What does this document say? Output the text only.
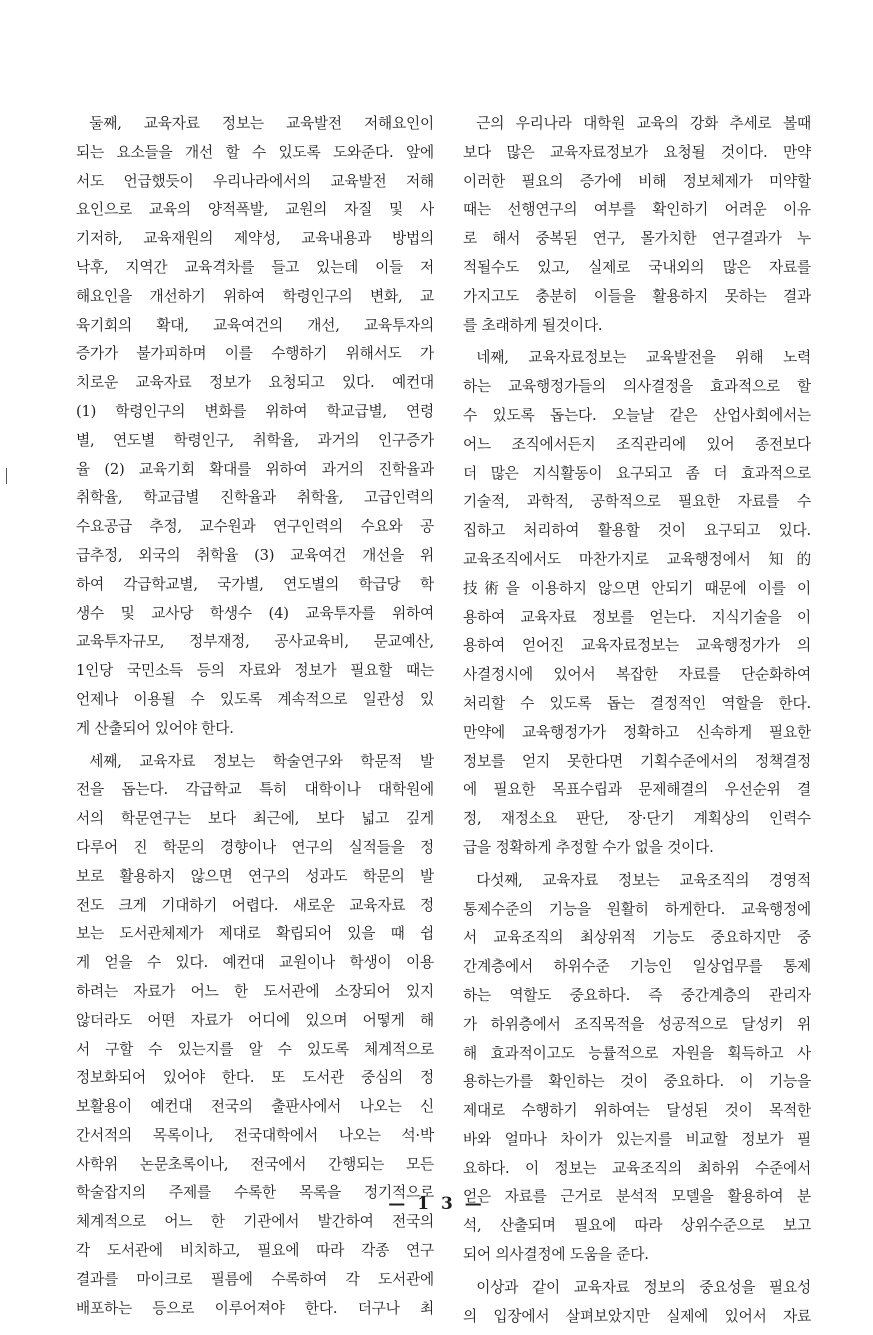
둘째, 교육자료 정보는 교육발전 저해요인이
되는 요소들을 개선 할 수 있도록 도와준다. 앞에
서도 언급했듯이 우리나라에서의 교육발전 저해
요인으로 교육의 양적폭발, 교원의 자질 및 사
기저하, 교육재원의 제약성, 교육내용과 방법의
낙후, 지역간 교육격차를 들고 있는데 이들 저
해요인을 개선하기 위하여 학령인구의 변화, 교
육기회의 확대, 교육여건의 개선, 교육투자의
증가가 불가피하며 이를 수행하기 위해서도 가
치로운 교육자료 정보가 요청되고 있다. 예컨대
(1) 학령인구의 변화를 위하여 학교급별, 연령
별, 연도별 학령인구, 취학율, 과거의 인구증가
율 (2) 교육기회 확대를 위하여 과거의 진학율과
취학율, 학교급별 진학율과 취학율, 고급인력의
수요공급 추정, 교수원과 연구인력의 수요와 공
급추정, 외국의 취학율 (3) 교육여건 개선을 위
하여 각급학교별, 국가별, 연도별의 학급당 학
생수 및 교사당 학생수 (4) 교육투자를 위하여
교육투자규모, 정부재정, 공사교육비, 문교예산,
1인당 국민소득 등의 자료와 정보가 필요할 때는
언제나 이용될 수 있도록 계속적으로 일관성 있
게 산출되어 있어야 한다.
세째, 교육자료 정보는 학술연구와 학문적 발
전을 돕는다. 각급학교 특히 대학이나 대학원에
서의 학문연구는 보다 최근에, 보다 넓고 깊게
다루어 진 학문의 경향이나 연구의 실적들을 정
보로 활용하지 않으면 연구의 성과도 학문의 발
전도 크게 기대하기 어렵다. 새로운 교육자료 정
보는 도서관체제가 제대로 확립되어 있을 때 쉽
게 얻을 수 있다. 예컨대 교원이나 학생이 이용
하려는 자료가 어느 한 도서관에 소장되어 있지
않더라도 어떤 자료가 어디에 있으며 어떻게 해
서 구할 수 있는지를 알 수 있도록 체계적으로
정보화되어 있어야 한다. 또 도서관 중심의 정
보활용이 예컨대 전국의 출판사에서 나오는 신
간서적의 목록이나, 전국대학에서 나오는 석·박
사학위 논문초록이나, 전국에서 간행되는 모든
학술잡지의 주제를 수록한 목록을 정기적으로
체계적으로 어느 한 기관에서 발간하여 전국의
각 도서관에 비치하고, 필요에 따라 각종 연구
결과를 마이크로 필름에 수록하여 각 도서관에
배포하는 등으로 이루어져야 한다. 더구나 최
근의 우리나라 대학원 교육의 강화 추세로 볼때
보다 많은 교육자료정보가 요청될 것이다. 만약
이러한 필요의 증가에 비해 정보체제가 미약할
때는 선행연구의 여부를 확인하기 어려운 이유
로 해서 중복된 연구, 몰가치한 연구결과가 누
적될수도 있고, 실제로 국내외의 많은 자료를
가지고도 충분히 이들을 활용하지 못하는 결과
를 초래하게 될것이다.
네째, 교육자료정보는 교육발전을 위해 노력
하는 교육행정가들의 의사결정을 효과적으로 할
수 있도록 돕는다. 오늘날 같은 산업사회에서는
어느 조직에서든지 조직관리에 있어 종전보다
더 많은 지식활동이 요구되고 좀 더 효과적으로
기술적, 과학적, 공학적으로 필요한 자료를 수
집하고 처리하여 활용할 것이 요구되고 있다.
교육조직에서도 마찬가지로 교육행정에서 知的
技術을 이용하지 않으면 안되기 때문에 이를 이
용하여 교육자료 정보를 얻는다. 지식기술을 이
용하여 얻어진 교육자료정보는 교육행정가가 의
사결정시에 있어서 복잡한 자료를 단순화하여
처리할 수 있도록 돕는 결정적인 역할을 한다.
만약에 교육행정가가 정확하고 신속하게 필요한
정보를 얻지 못한다면 기획수준에서의 정책결정
에 필요한 목표수립과 문제해결의 우선순위 결
정, 재정소요 판단, 장·단기 계획상의 인력수
급을 정확하게 추정할 수가 없을 것이다.
다섯째, 교육자료 정보는 교육조직의 경영적
통제수준의 기능을 원활히 하게한다. 교육행정에
서 교육조직의 최상위적 기능도 중요하지만 중
간계층에서 하위수준 기능인 일상업무를 통제
하는 역할도 중요하다. 즉 중간계층의 관리자
가 하위층에서 조직목적을 성공적으로 달성키 위
해 효과적이고도 능률적으로 자원을 획득하고 사
용하는가를 확인하는 것이 중요하다. 이 기능을
제대로 수행하기 위하여는 달성된 것이 목적한
바와 얼마나 차이가 있는지를 비교할 정보가 필
요하다. 이 정보는 교육조직의 최하위 수준에서
얻은 자료를 근거로 분석적 모델을 활용하여 분
석, 산출되며 필요에 따라 상위수준으로 보고
되어 의사결정에 도움을 준다.
이상과 같이 교육자료 정보의 중요성을 필요성
의 입장에서 살펴보았지만 실제에 있어서 자료
— 1 3 —
